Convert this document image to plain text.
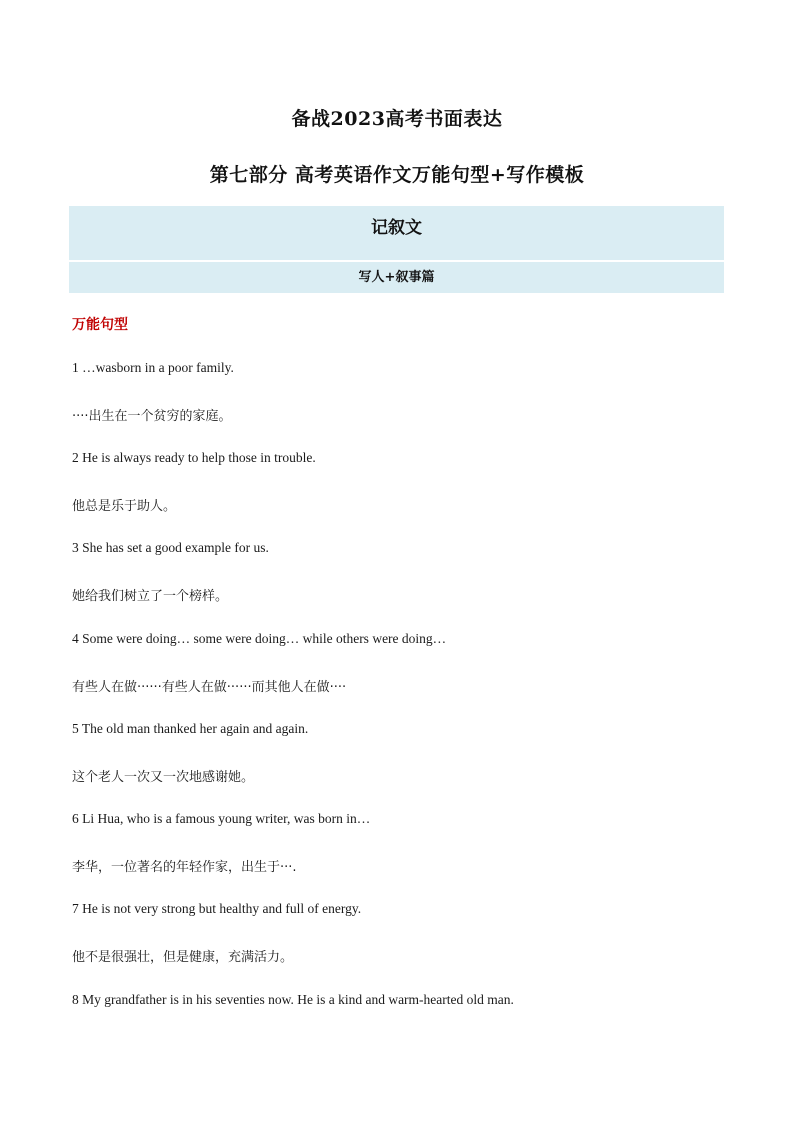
备战2023高考书面表达
第七部分 高考英语作文万能句型+写作模板
记叙文
写人+叙事篇
万能句型
1 …wasborn in a poor family.
····出生在一个贫穷的家庭。
2 He is always ready to help those in trouble.
他总是乐于助人。
3 She has set a good example for us.
她给我们树立了一个榜样。
4 Some were doing… some were doing… while others were doing…
有些人在做······有些人在做······而其他人在做····
5 The old man thanked her again and again.
这个老人一次又一次地感谢她。
6 Li Hua, who is a famous young writer, was born in…
李华，一位著名的年轻作家，出生于···.
7 He is not very strong but healthy and full of energy.
他不是很强壮，但是健康，充满活力。
8 My grandfather is in his seventies now. He is a kind and warm-hearted old man.
